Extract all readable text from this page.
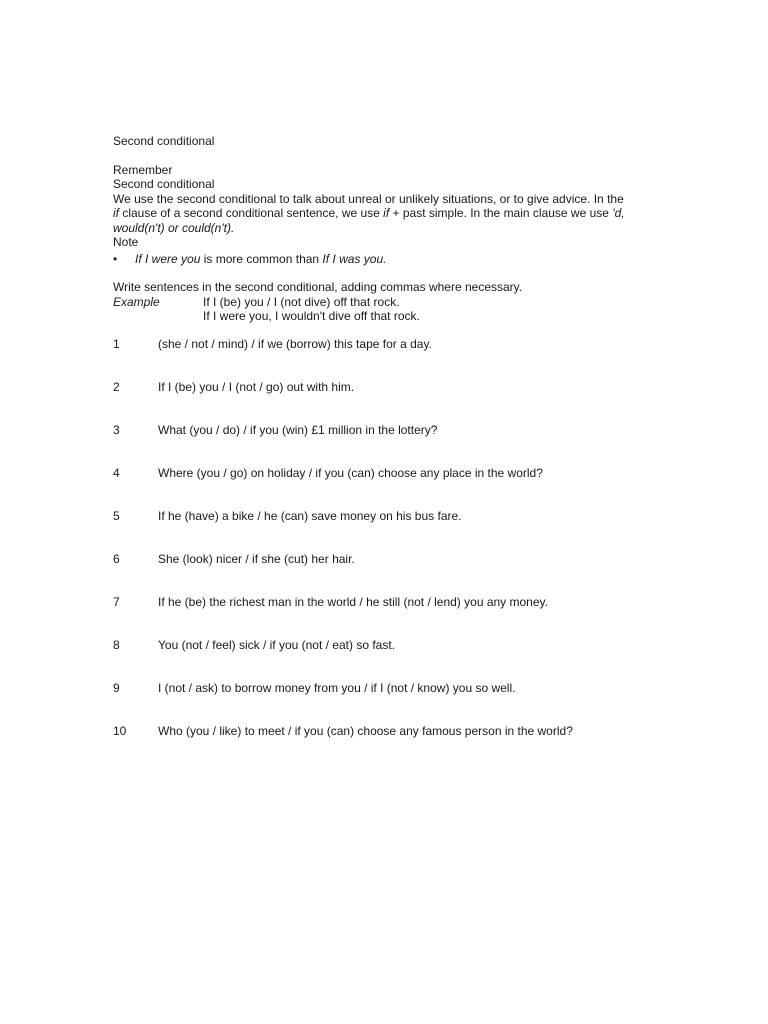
Second conditional

Remember

Second conditional

We use the second conditional to talk about unreal or unlikely situations, or to give advice. In the

if clause of a second conditional sentence, we use if + past simple. In the main clause we use 'd,

would(n't) or could(n't).

Note

•	If I were you is more common than If I was you.

Write sentences in the second conditional, adding commas where necessary.

Example	If I (be) you / I (not dive) off that rock.
If I were you, I wouldn't dive off that rock.
1	(she / not / mind) / if we (borrow) this tape for a day.
2	If I (be) you / I (not / go) out with him.
3	What (you / do) / if you (win) £1 million in the lottery?
4	Where (you / go) on holiday / if you (can) choose any place in the world?
5	If he (have) a bike / he (can) save money on his bus fare.
6	She (look) nicer / if she (cut) her hair.
7	If he (be) the richest man in the world / he still (not / lend) you any money.
8	You (not / feel) sick / if you (not / eat) so fast.
9	I (not / ask) to borrow money from you / if I (not / know) you so well.
10	Who (you / like) to meet / if you (can) choose any famous person in the world?
